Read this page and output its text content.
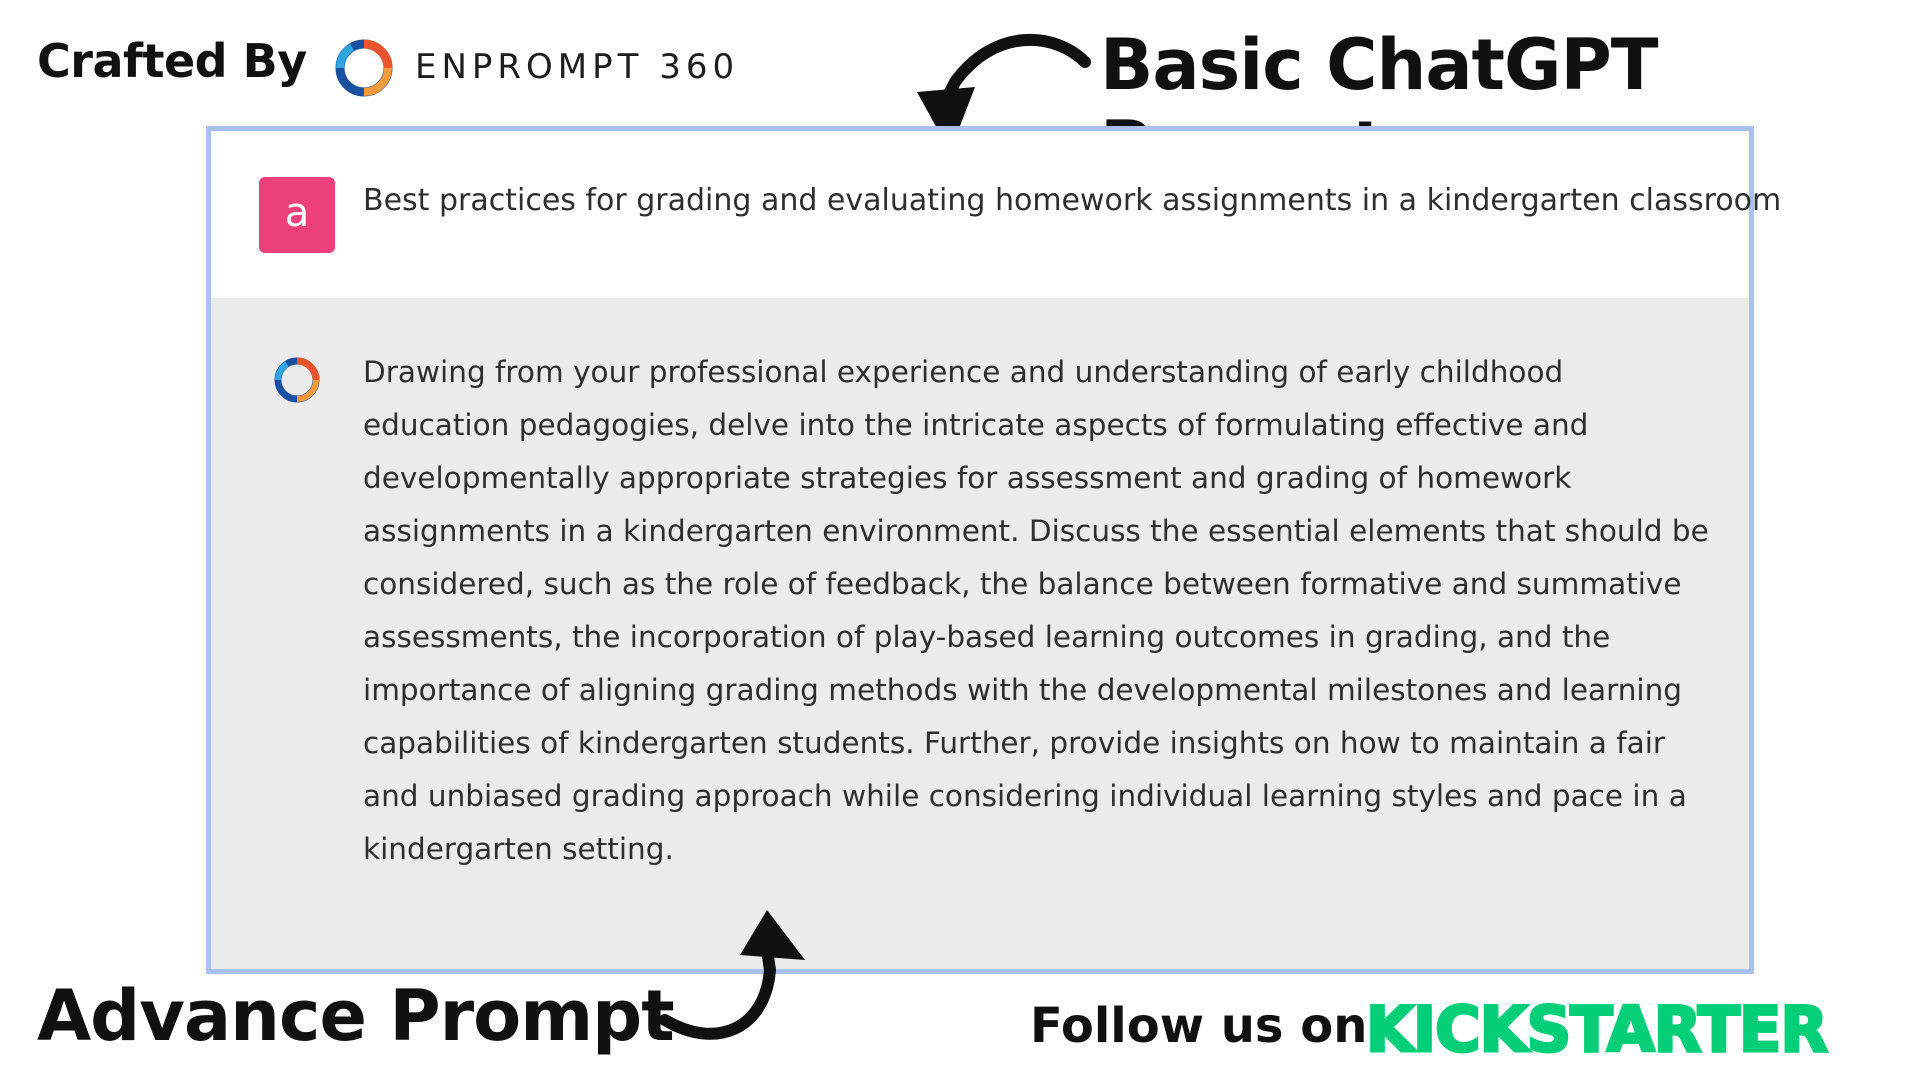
Crafted By	ENPROMPT 360	Basic ChatGPT
a	Best practices for grading and evaluating homework assignments in a kindergarten classroom
Drawing from your professional experience and understanding of early childhood education pedagogies, delve into the intricate aspects of formulating effective and developmentally appropriate strategies for assessment and grading of homework assignments in a kindergarten environment. Discuss the essential elements that should be considered, such as the role of feedback, the balance between formative and summative assessments, the incorporation of play-based learning outcomes in grading, and the importance of aligning grading methods with the developmental milestones and learning capabilities of kindergarten students. Further, provide insights on how to maintain a fair and unbiased grading approach while considering individual learning styles and pace in a kindergarten setting.
Advance Prompt	Follow us on
KICKSTARTER
